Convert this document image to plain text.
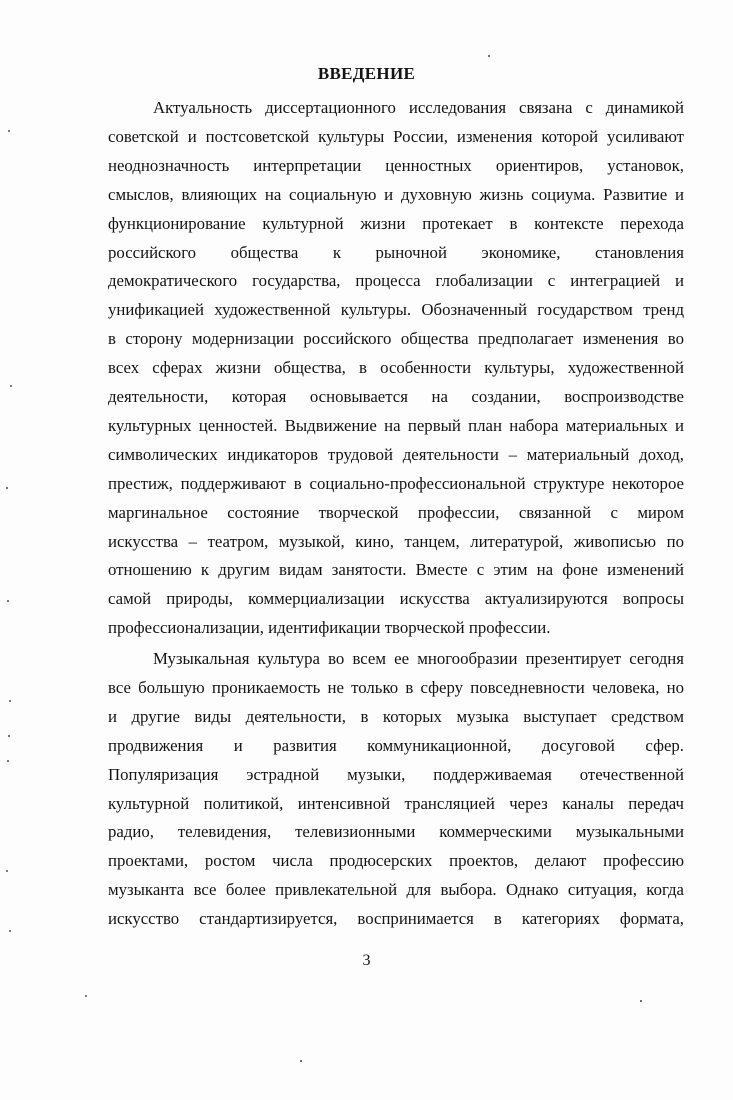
ВВЕДЕНИЕ
Актуальность диссертационного исследования связана с динамикой
советской и постсоветской культуры России, изменения которой усиливают
неоднозначность интерпретации ценностных ориентиров, установок,
смыслов, влияющих на социальную и духовную жизнь социума. Развитие и
функционирование культурной жизни протекает в контексте перехода
российского общества к рыночной экономике, становления
демократического государства, процесса глобализации с интеграцией и
унификацией художественной культуры. Обозначенный государством тренд
в сторону модернизации российского общества предполагает изменения во
всех сферах жизни общества, в особенности культуры, художественной
деятельности, которая основывается на создании, воспроизводстве
культурных ценностей. Выдвижение на первый план набора материальных и
символических индикаторов трудовой деятельности – материальный доход,
престиж, поддерживают в социально-профессиональной структуре некоторое
маргинальное состояние творческой профессии, связанной с миром
искусства – театром, музыкой, кино, танцем, литературой, живописью по
отношению к другим видам занятости. Вместе с этим на фоне изменений
самой природы, коммерциализации искусства актуализируются вопросы
профессионализации, идентификации творческой профессии.
Музыкальная культура во всем ее многообразии презентирует сегодня
все большую проникаемость не только в сферу повседневности человека, но
и другие виды деятельности, в которых музыка выступает средством
продвижения и развития коммуникационной, досуговой сфер.
Популяризация эстрадной музыки, поддерживаемая отечественной
культурной политикой, интенсивной трансляцией через каналы передач
радио, телевидения, телевизионными коммерческими музыкальными
проектами, ростом числа продюсерских проектов, делают профессию
музыканта все более привлекательной для выбора. Однако ситуация, когда
искусство стандартизируется, воспринимается в категориях формата,
3
